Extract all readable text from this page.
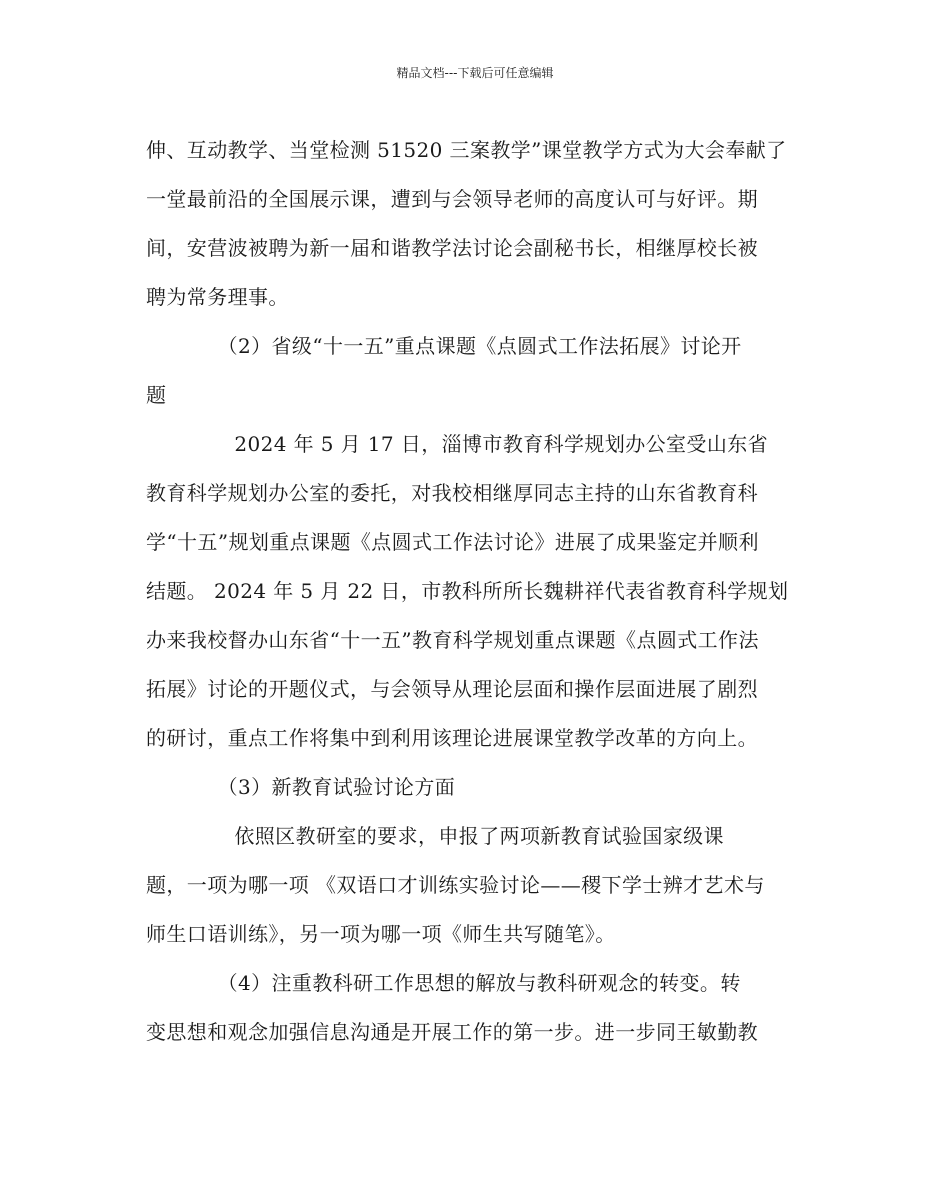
精品文档---下载后可任意编辑
伸、互动教学、当堂检测 51520 三案教学”课堂教学方式为大会奉献了
一堂最前沿的全国展示课，遭到与会领导老师的高度认可与好评。期
间，安营波被聘为新一届和谐教学法讨论会副秘书长，相继厚校长被
聘为常务理事。
　　　　（2）省级“十一五”重点课题《点圆式工作法拓展》讨论开
题
　　　　 2024 年 5 月 17 日，淄博市教育科学规划办公室受山东省
教育科学规划办公室的委托，对我校相继厚同志主持的山东省教育科
学“十五”规划重点课题《点圆式工作法讨论》进展了成果鉴定并顺利
结题。 2024 年 5 月 22 日，市教科所所长魏耕祥代表省教育科学规划
办来我校督办山东省“十一五”教育科学规划重点课题《点圆式工作法
拓展》讨论的开题仪式，与会领导从理论层面和操作层面进展了剧烈
的研讨，重点工作将集中到利用该理论进展课堂教学改革的方向上。
　　　　（3）新教育试验讨论方面
　　　　 依照区教研室的要求，申报了两项新教育试验国家级课
题，一项为哪一项 《双语口才训练实验讨论——稷下学士辨才艺术与
师生口语训练》，另一项为哪一项《师生共写随笔》。
　　　　（4）注重教科研工作思想的解放与教科研观念的转变。转
变思想和观念加强信息沟通是开展工作的第一步。进一步同王敏勤教
